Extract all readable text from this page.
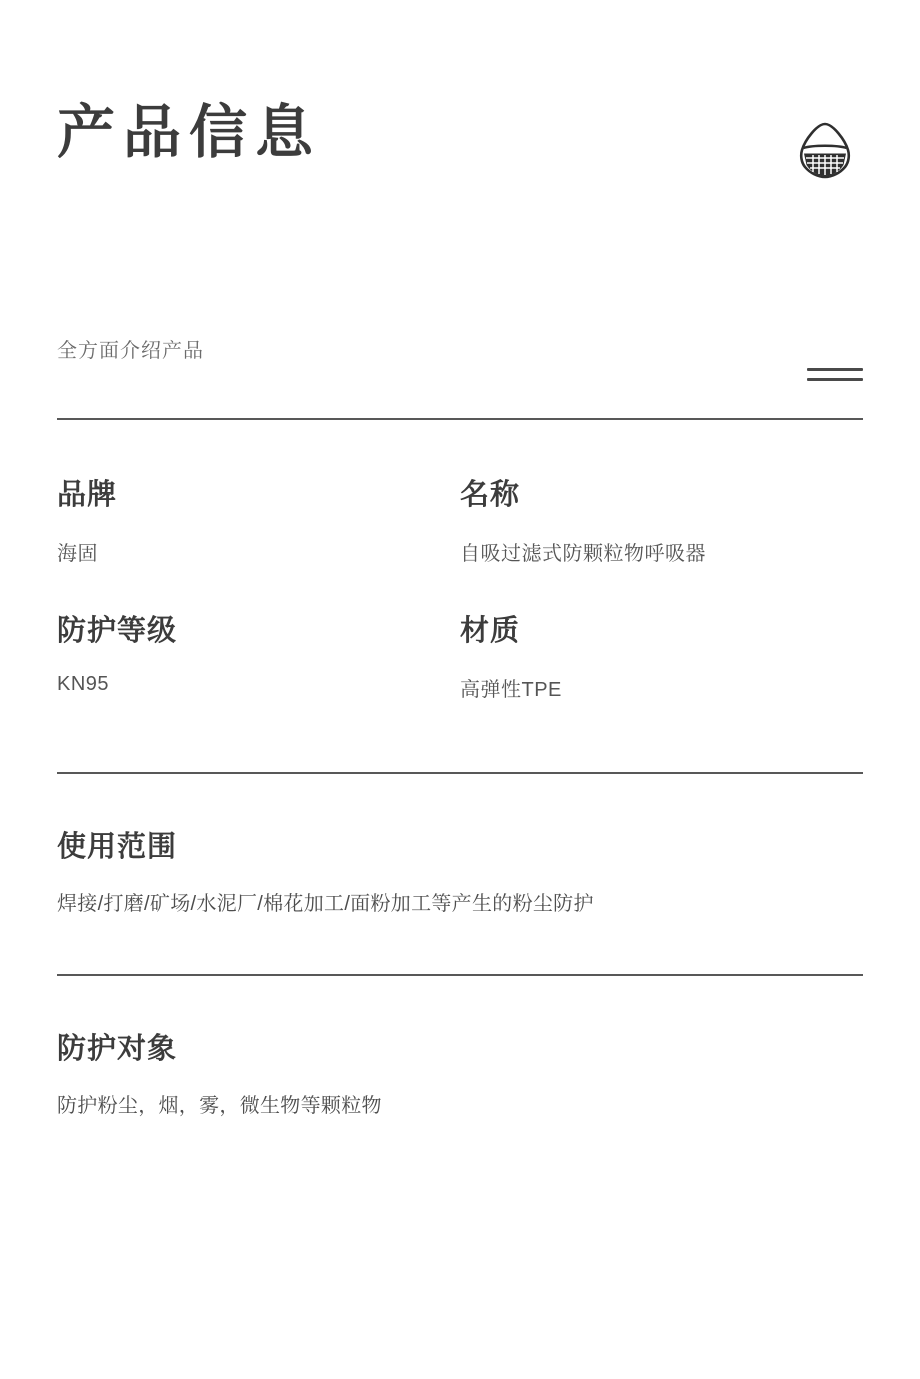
产品信息
全方面介绍产品
品牌
海固
名称
自吸过滤式防颗粒物呼吸器
防护等级
KN95
材质
高弹性TPE
使用范围
焊接/打磨/矿场/水泥厂/棉花加工/面粉加工等产生的粉尘防护
防护对象
防护粉尘，烟，雾，微生物等颗粒物
